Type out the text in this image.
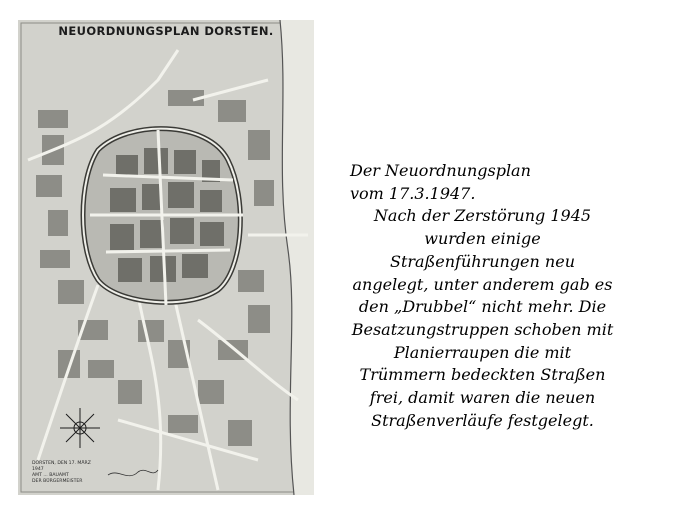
NEUORDNUNGSPLAN DORSTEN.
DORSTEN, DEN 17. MÄRZ 1947
AMT ... BAUAMT
DER BÜRGERMEISTER

Der Neuordnungsplan
vom 17.3.1947.

Nach der Zerstörung 1945 wurden einige Straßenführungen neu angelegt, unter anderem gab es den „Drubbel“ nicht mehr. Die Besatzungstruppen schoben mit Planierraupen die mit Trümmern bedeckten Straßen frei, damit waren die neuen Straßenverläufe festgelegt.
